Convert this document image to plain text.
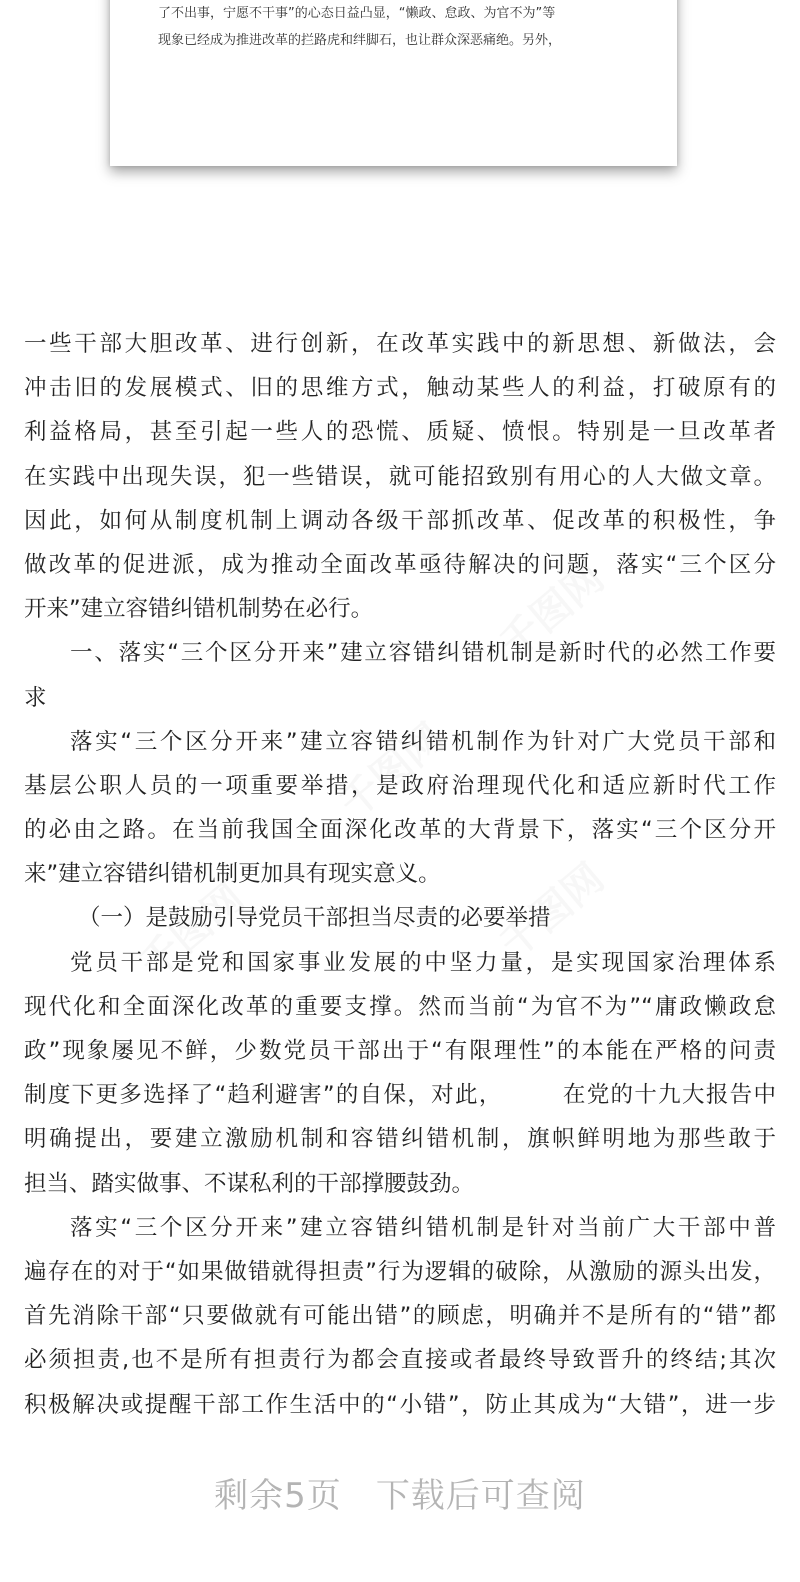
了不出事，宁愿不干事”的心态日益凸显，“懒政、怠政、为官不为”等
现象已经成为推进改革的拦路虎和绊脚石，也让群众深恶痛绝。另外，
千图网
千图网
千图网
千图网
一些干部大胆改革、进行创新，在改革实践中的新思想、新做法，会
冲击旧的发展模式、旧的思维方式，触动某些人的利益，打破原有的
利益格局，甚至引起一些人的恐慌、质疑、愤恨。特别是一旦改革者
在实践中出现失误，犯一些错误，就可能招致别有用心的人大做文章。
因此，如何从制度机制上调动各级干部抓改革、促改革的积极性，争
做改革的促进派，成为推动全面改革亟待解决的问题，落实“三个区分
开来”建立容错纠错机制势在必行。
一、落实“三个区分开来”建立容错纠错机制是新时代的必然工作要
求
落实“三个区分开来”建立容错纠错机制作为针对广大党员干部和
基层公职人员的一项重要举措，是政府治理现代化和适应新时代工作
的必由之路。在当前我国全面深化改革的大背景下，落实“三个区分开
来”建立容错纠错机制更加具有现实意义。
（一）是鼓励引导党员干部担当尽责的必要举措
党员干部是党和国家事业发展的中坚力量，是实现国家治理体系
现代化和全面深化改革的重要支撑。然而当前“为官不为”“庸政懒政怠
政”现象屡见不鲜，少数党员干部出于“有限理性”的本能在严格的问责
制度下更多选择了“趋利避害”的自保，对此，　　　在党的十九大报告中
明确提出，要建立激励机制和容错纠错机制，旗帜鲜明地为那些敢于
担当、踏实做事、不谋私利的干部撑腰鼓劲。
落实“三个区分开来”建立容错纠错机制是针对当前广大干部中普
遍存在的对于“如果做错就得担责”行为逻辑的破除，从激励的源头出发，
首先消除干部“只要做就有可能出错”的顾虑，明确并不是所有的“错”都
必须担责,也不是所有担责行为都会直接或者最终导致晋升的终结;其次
积极解决或提醒干部工作生活中的“小错”，防止其成为“大错”，进一步
剩余5页 下载后可查阅
